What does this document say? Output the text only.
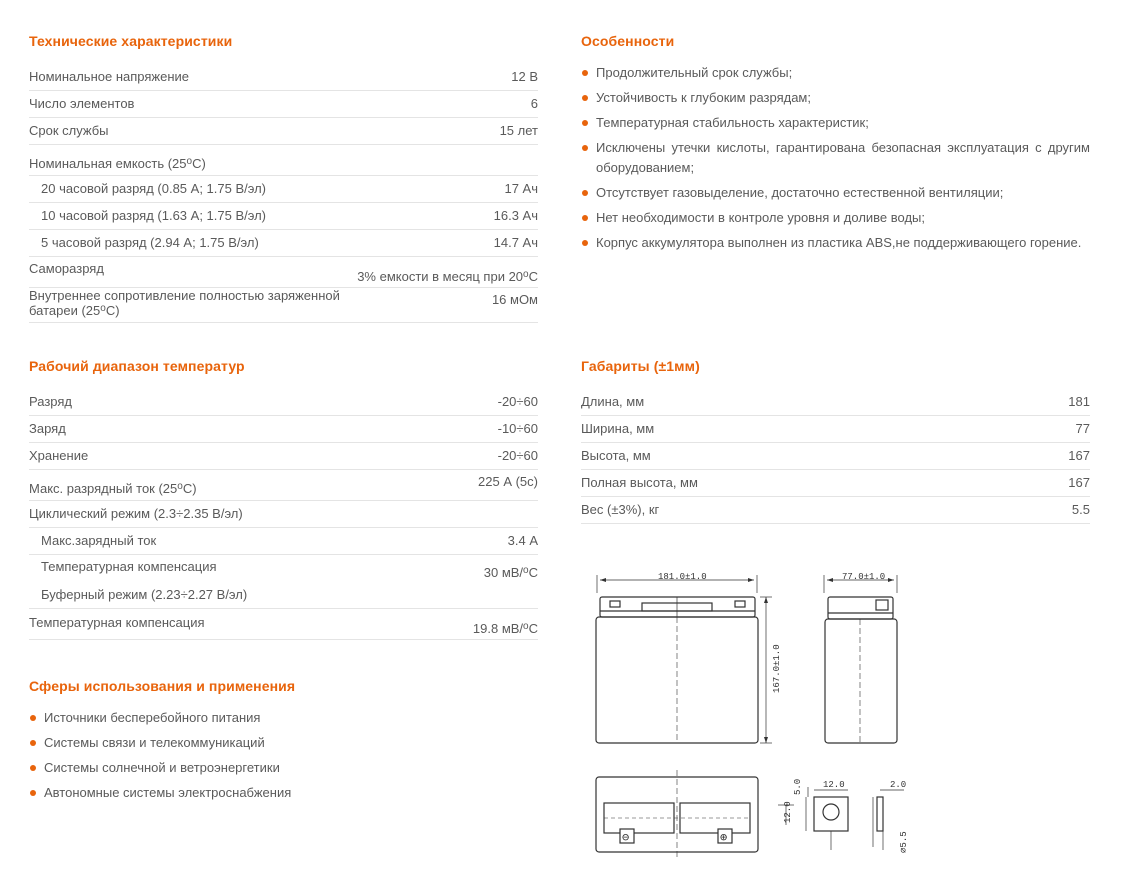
Технические характеристики
Номинальное напряжение	12 В
Число элементов	6
Срок службы	15 лет
Номинальная емкость $(25^оС)$	
20 часовой разряд (0.85 А; 1.75 В/эл)	17 Ач
10 часовой разряд (1.63 А; 1.75 В/эл)	16.3 Ач
5 часовой разряд (2.94 А; 1.75 В/эл)	14.7 Ач
Саморазряд	3% емкости в месяц при $20^оС$
Внутреннее сопротивление полностью заряженной батареи $(25^оС)$	16 мОм
Рабочий диапазон температур
Разряд	-20÷60
Заряд	-10÷60
Хранение	-20÷60
Макс. разрядный ток $(25^оС)$	225 А (5с)
Циклический режим (2.3÷2.35 В/эл)	
Макс.зарядный ток	3.4 А
Температурная компенсация	30 мВ/$^о$С
Буферный режим (2.23÷2.27 В/эл)	
Температурная компенсация	19.8 мВ/$^о$С
Сферы использования и применения
Источники бесперебойного питания
Системы связи и телекоммуникаций
Системы солнечной и ветроэнергетики
Автономные системы электроснабжения
Особенности
Продолжительный срок службы;
Устойчивость к глубоким разрядам;
Температурная стабильность характеристик;
Исключены утечки кислоты, гарантирована безопасная эксплуатация с другим оборудованием;
Отсутствует газовыделение, достаточно естественной вентиляции;
Нет необходимости в контроле уровня и доливе воды;
Корпус аккумулятора выполнен из пластика ABS,не поддерживающего горение.
Габариты (±1мм)
Длина, мм	181
Ширина, мм	77
Высота, мм	167
Полная высота, мм	167
Вес (±3%), кг	5.5
181.0±1.0	77.0±1.0
167.0±1.0
5.0 12.0
12.0
2.0
∅5.5
⊖	⊕
